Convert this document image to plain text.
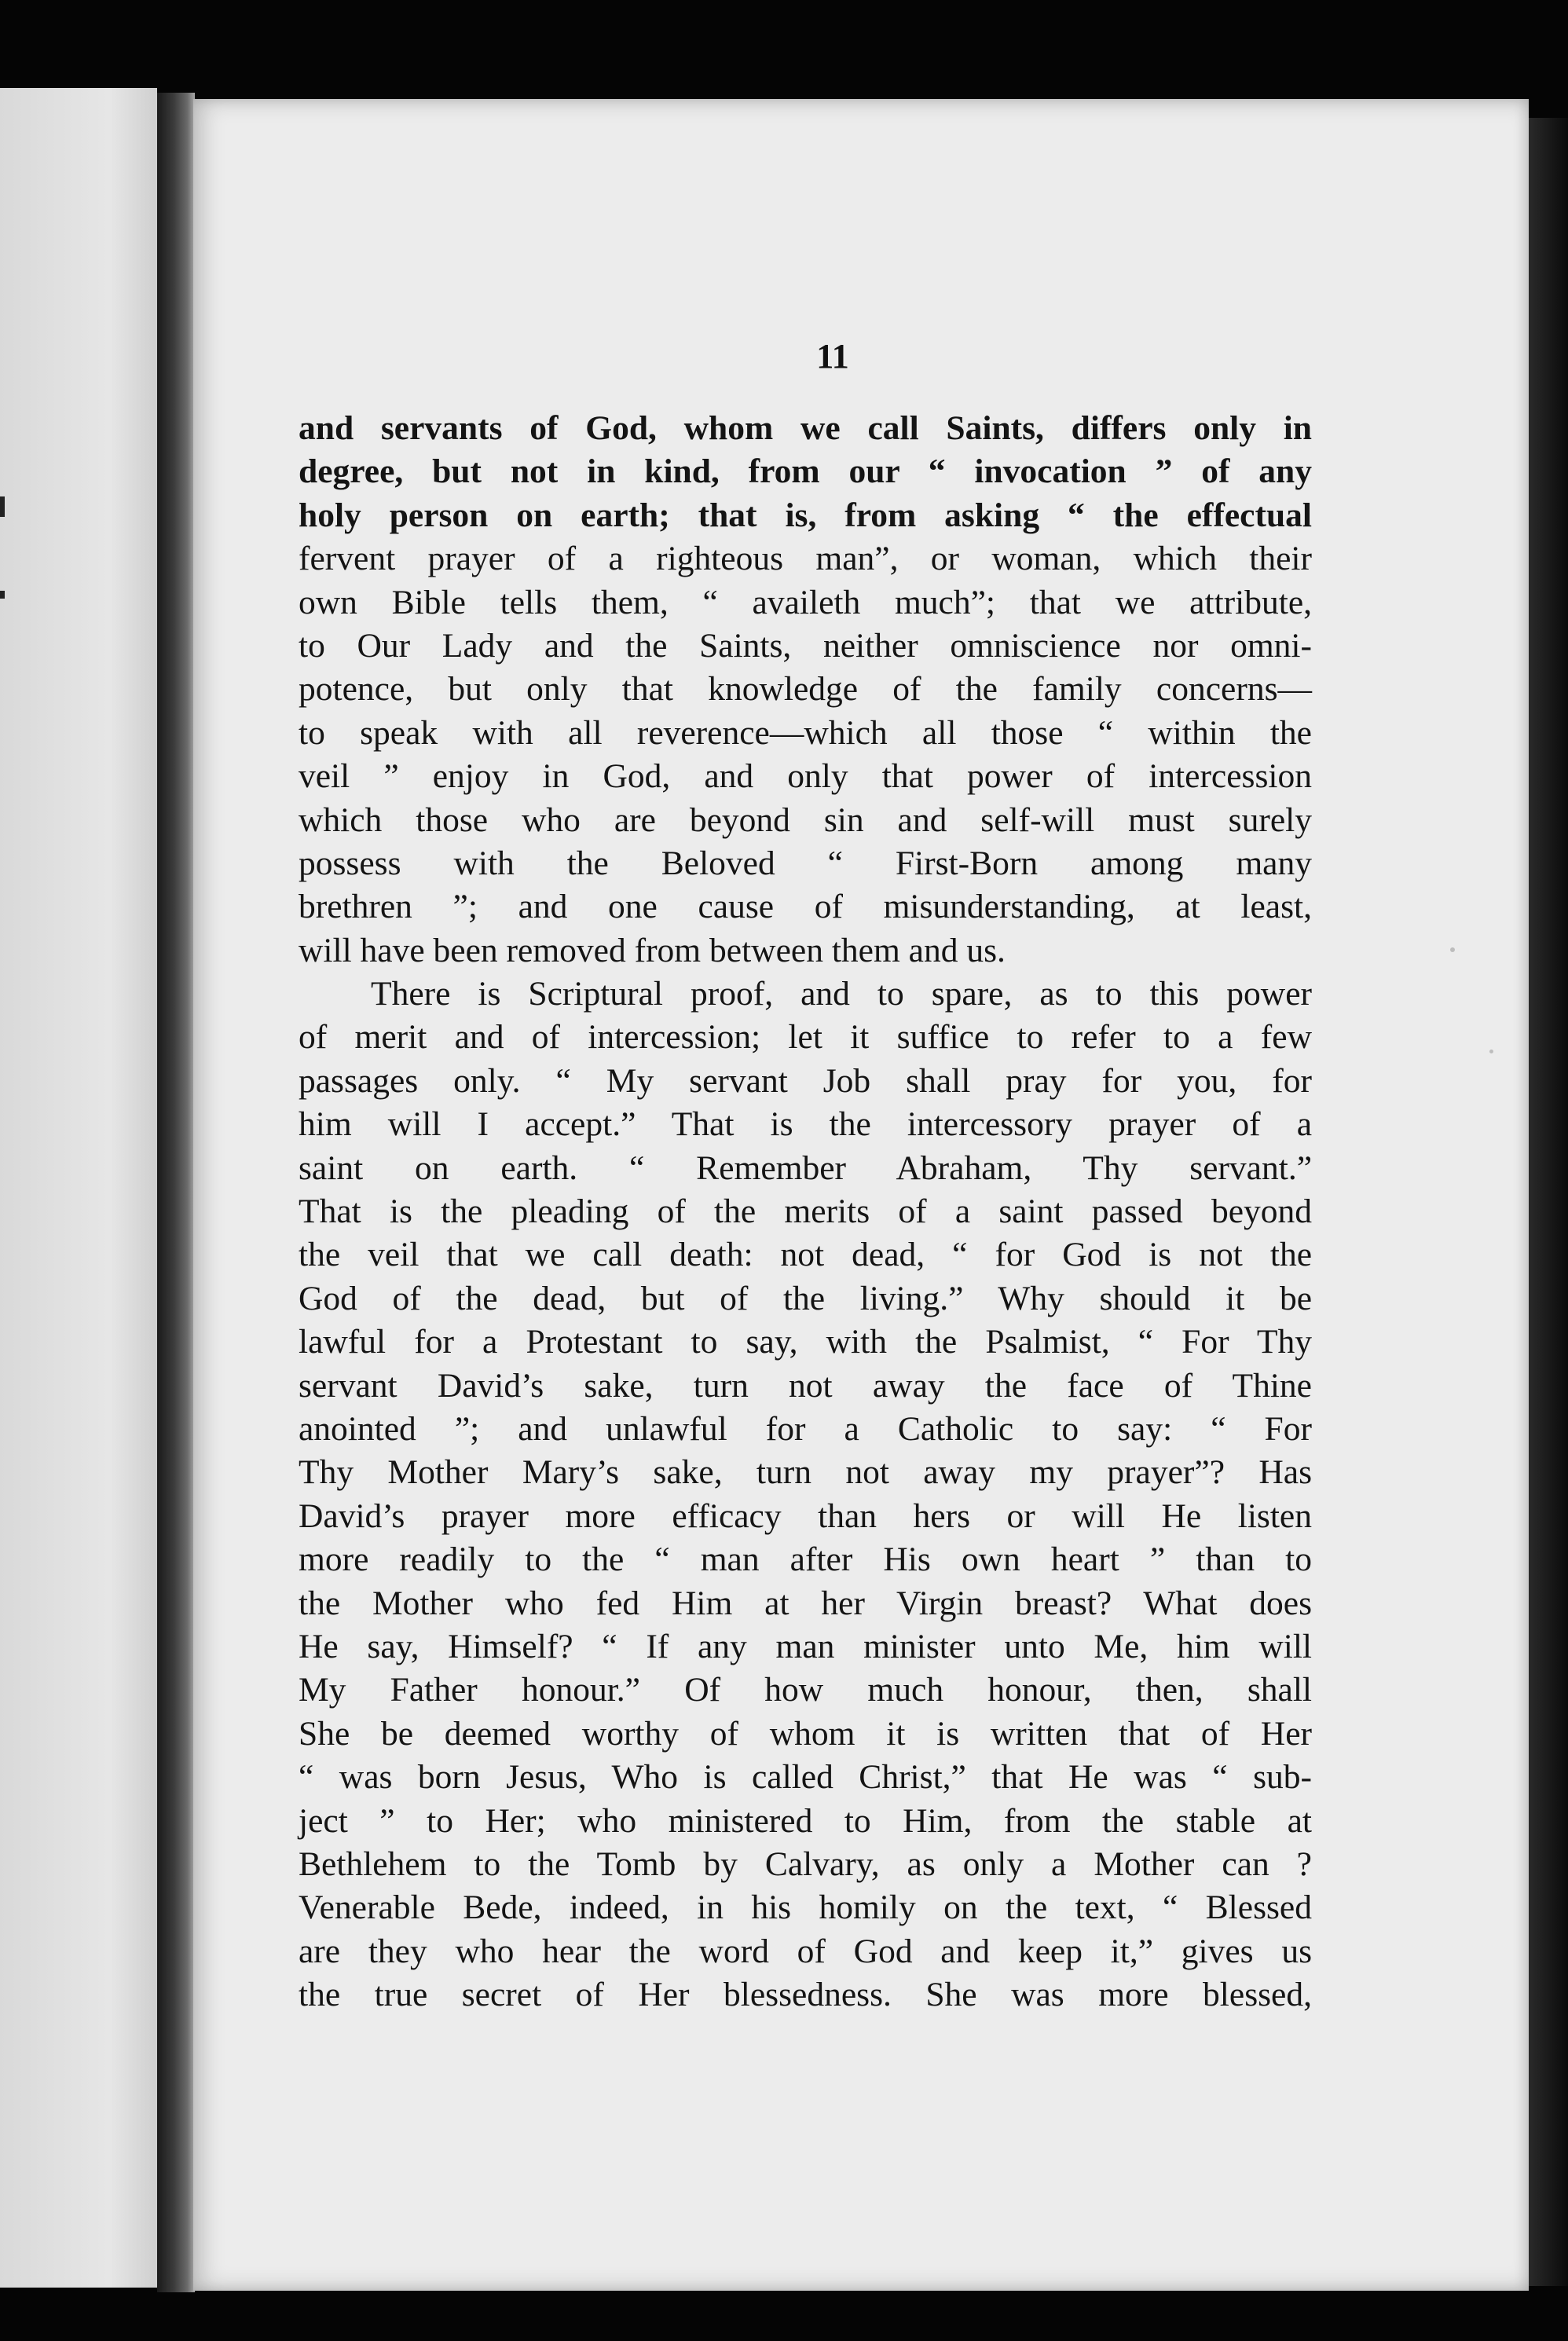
11
and servants of God, whom we call Saints, differs only in
degree, but not in kind, from our “ invocation ” of any
holy person on earth; that is, from asking “ the effectual
fervent prayer of a righteous man”, or woman, which their
own Bible tells them, “ availeth much”; that we attribute,
to Our Lady and the Saints, neither omniscience nor omni-
potence, but only that knowledge of the family concerns—
to speak with all reverence—which all those “ within the
veil ” enjoy in God, and only that power of intercession
which those who are beyond sin and self-will must surely
possess with the Beloved “ First-Born among many
brethren ”; and one cause of misunderstanding, at least,
will have been removed from between them and us.
There is Scriptural proof, and to spare, as to this power
of merit and of intercession; let it suffice to refer to a few
passages only. “ My servant Job shall pray for you, for
him will I accept.” That is the intercessory prayer of a
saint on earth. “ Remember Abraham, Thy servant.”
That is the pleading of the merits of a saint passed beyond
the veil that we call death: not dead, “ for God is not the
God of the dead, but of the living.” Why should it be
lawful for a Protestant to say, with the Psalmist, “ For Thy
servant David’s sake, turn not away the face of Thine
anointed ”; and unlawful for a Catholic to say: “ For
Thy Mother Mary’s sake, turn not away my prayer”? Has
David’s prayer more efficacy than hers or will He listen
more readily to the “ man after His own heart ” than to
the Mother who fed Him at her Virgin breast? What does
He say, Himself? “ If any man minister unto Me, him will
My Father honour.” Of how much honour, then, shall
She be deemed worthy of whom it is written that of Her
“ was born Jesus, Who is called Christ,” that He was “ sub-
ject ” to Her; who ministered to Him, from the stable at
Bethlehem to the Tomb by Calvary, as only a Mother can ?
Venerable Bede, indeed, in his homily on the text, “ Blessed
are they who hear the word of God and keep it,” gives us
the true secret of Her blessedness. She was more blessed,
